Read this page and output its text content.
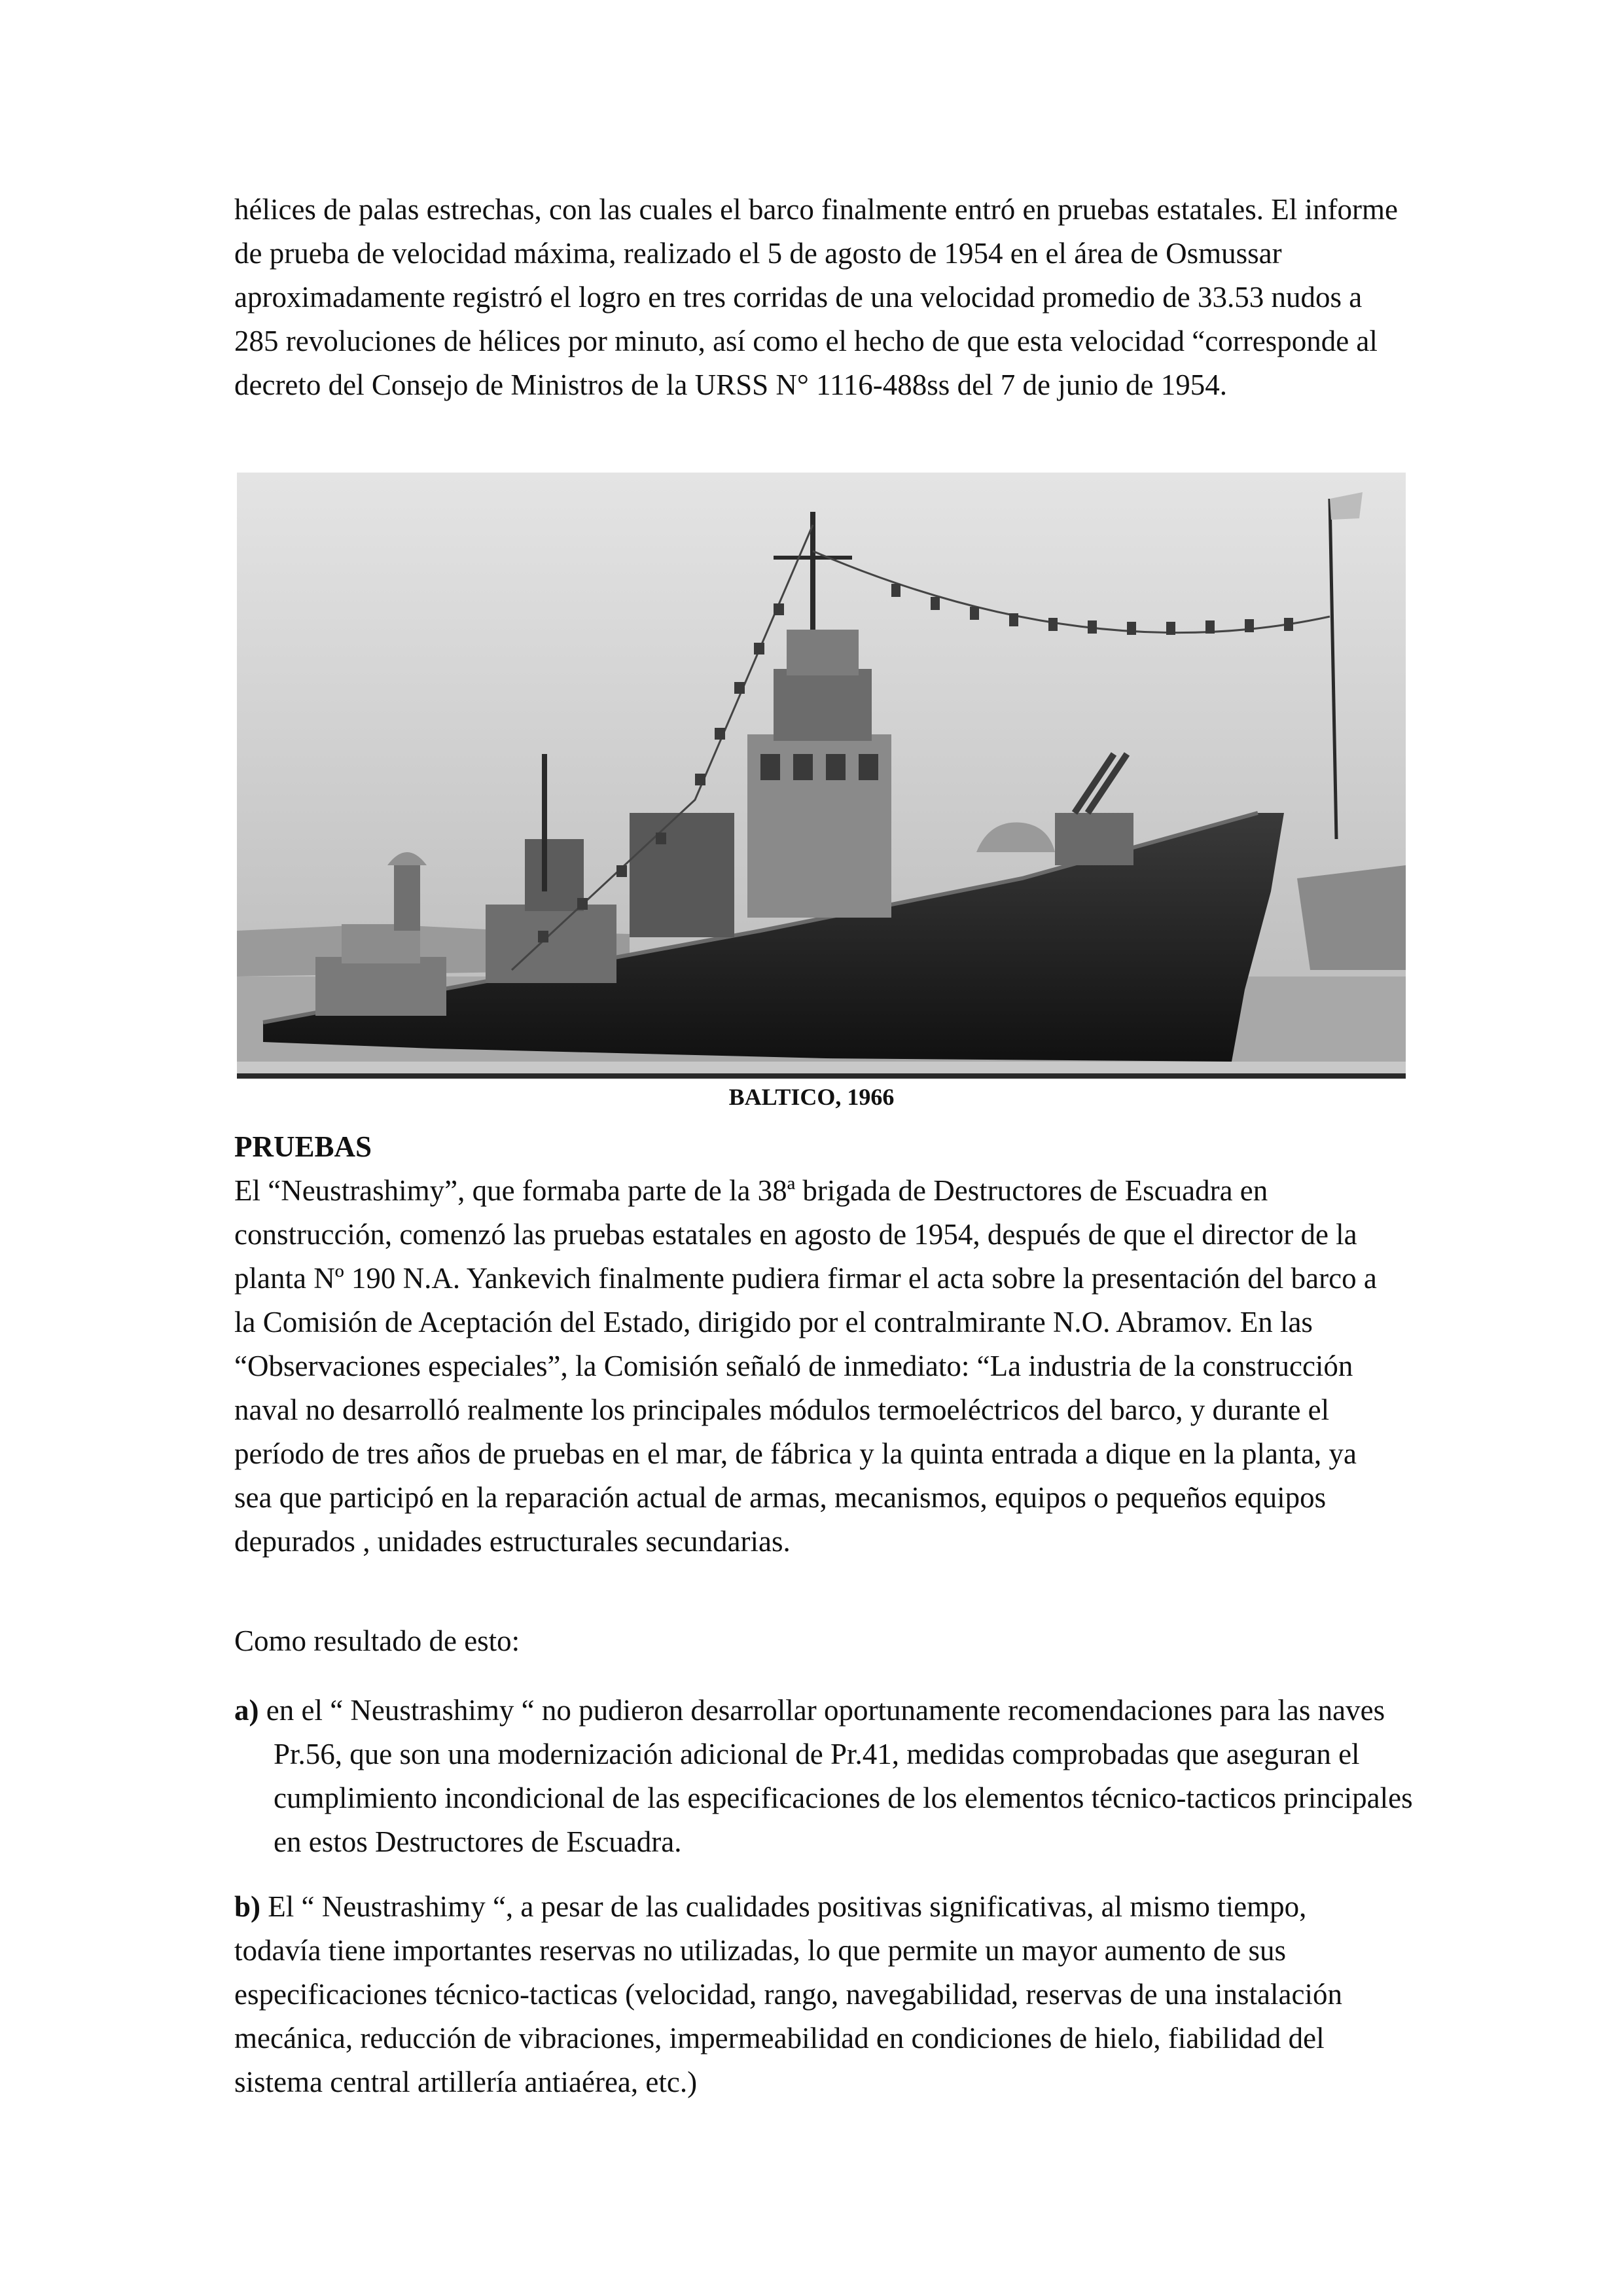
hélices de palas estrechas, con las cuales el barco finalmente entró en pruebas estatales. El informe de prueba de velocidad máxima, realizado el 5 de agosto de 1954 en el área de Osmussar aproximadamente registró el logro en tres corridas de una velocidad promedio de 33.53 nudos a 285 revoluciones de hélices por minuto, así como el hecho de que esta velocidad “corresponde al decreto del Consejo de Ministros de la URSS N° 1116-488ss del 7 de junio de 1954.

BALTICO, 1966
PRUEBAS

El “Neustrashimy”, que formaba parte de la 38ª brigada de Destructores de Escuadra en construcción, comenzó las pruebas estatales en agosto de 1954, después de que el director de la planta Nº 190 N.A. Yankevich finalmente pudiera firmar el acta sobre la presentación del barco a la Comisión de Aceptación del Estado, dirigido por el contralmirante N.O. Abramov. En las “Observaciones especiales”, la Comisión señaló de inmediato: “La industria de la construcción naval no desarrolló realmente los principales módulos termoeléctricos del barco, y durante el período de tres años de pruebas en el mar, de fábrica y la quinta entrada a dique en la planta, ya sea que participó en la reparación actual de armas, mecanismos, equipos o pequeños equipos depurados , unidades estructurales secundarias.

Como resultado de esto:

a) en el “ Neustrashimy “ no pudieron desarrollar oportunamente recomendaciones para las naves Pr.56, que son una modernización adicional de Pr.41, medidas comprobadas que aseguran el cumplimiento incondicional de las especificaciones de los elementos técnico-tacticos principales en estos Destructores de Escuadra.

b) El “ Neustrashimy “, a pesar de las cualidades positivas significativas, al mismo tiempo, todavía tiene importantes reservas no utilizadas, lo que permite un mayor aumento de sus especificaciones técnico-tacticas (velocidad, rango, navegabilidad, reservas de una instalación mecánica, reducción de vibraciones, impermeabilidad en condiciones de hielo, fiabilidad del sistema central artillería antiaérea, etc.)
